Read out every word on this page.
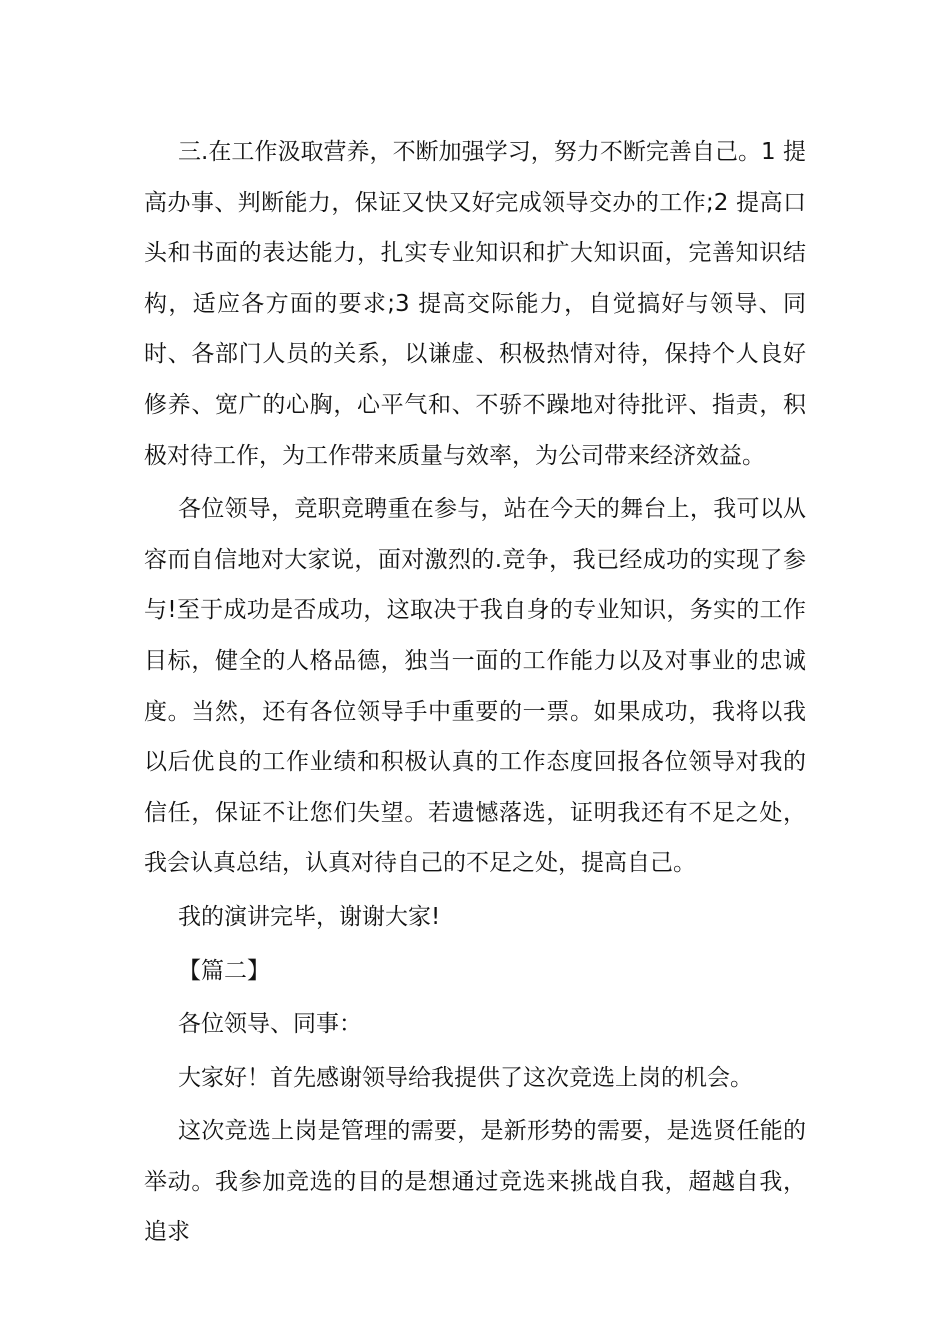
三.在工作汲取营养，不断加强学习，努力不断完善自己。1 提高办事、判断能力，保证又快又好完成领导交办的工作;2 提高口头和书面的表达能力，扎实专业知识和扩大知识面，完善知识结构，适应各方面的要求;3 提高交际能力，自觉搞好与领导、同时、各部门人员的关系，以谦虚、积极热情对待，保持个人良好修养、宽广的心胸，心平气和、不骄不躁地对待批评、指责，积极对待工作，为工作带来质量与效率，为公司带来经济效益。

各位领导，竞职竞聘重在参与，站在今天的舞台上，我可以从容而自信地对大家说，面对激烈的.竞争，我已经成功的实现了参与!至于成功是否成功，这取决于我自身的专业知识，务实的工作目标，健全的人格品德，独当一面的工作能力以及对事业的忠诚度。当然，还有各位领导手中重要的一票。如果成功，我将以我以后优良的工作业绩和积极认真的工作态度回报各位领导对我的信任，保证不让您们失望。若遗憾落选，证明我还有不足之处，我会认真总结，认真对待自己的不足之处，提高自己。

我的演讲完毕，谢谢大家!

【篇二】

各位领导、同事：

大家好！首先感谢领导给我提供了这次竞选上岗的机会。

这次竞选上岗是管理的需要，是新形势的需要，是选贤任能的举动。我参加竞选的目的是想通过竞选来挑战自我，超越自我，追求
